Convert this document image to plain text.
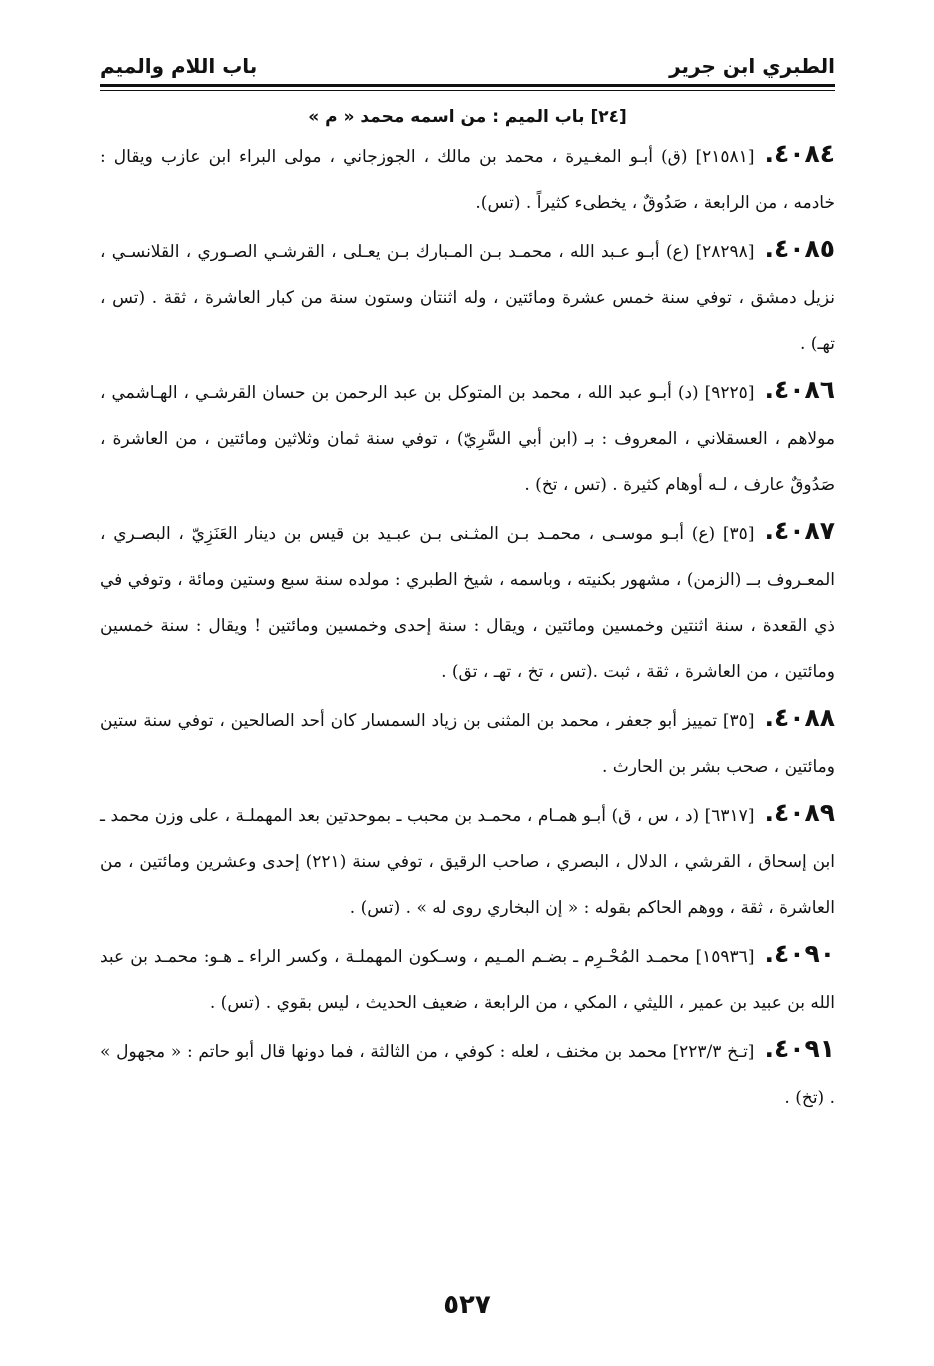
الطبري ابن جرير
باب اللام والميم
[٢٤] باب الميم : من اسمه محمد « م »
٤٠٨٤.[٢١٥٨١] (ق) أبـو المغـيرة ، محمد بن مالك ، الجوزجاني ، مولى البراء ابن عازب ويقال : خادمه ، من الرابعة ، صَدُوقٌ ، يخطىء كثيراً . (تس).
٤٠٨٥.[٢٨٢٩٨] (ع) أبـو عـبد الله ، محمـد بـن المـبارك بـن يعـلى ، القرشـي الصـوري ، القلانسـي ، نزيل دمشق ، توفي سنة خمس عشرة ومائتين ، وله اثنتان وستون سنة من كبار العاشرة ، ثقة . (تس ، تهـ) .
٤٠٨٦.[٩٢٢٥] (د) أبـو عبد الله ، محمد بن المتوكل بن عبد الرحمن بن حسان القرشـي ، الهـاشمي ، مولاهم ، العسقلاني ، المعروف : بـ (ابن أبي السَّرِيّ) ، توفي سنة ثمان وثلاثين ومائتين ، من العاشرة ، صَدُوقٌ عارف ، لـه أوهام كثيرة . (تس ، تخ) .
٤٠٨٧.[٣٥] (ع) أبـو موسـى ، محمـد بـن المثـنى بـن عبـيد بن قيس بن دينار العَنَزِيّ ، البصـري ، المعـروف بــ (الزمن) ، مشهور بكنيته ، وباسمه ، شيخ الطبري : مولده سنة سبع وستين ومائة ، وتوفي في ذي القعدة ، سنة اثنتين وخمسين ومائتين ، ويقال : سنة إحدى وخمسين ومائتين ! ويقال : سنة خمسين ومائتين ، من العاشرة ، ثقة ، ثبت .(تس ، تخ ، تهـ ، تق) .
٤٠٨٨.[٣٥] تمييز أبو جعفر ، محمد بن المثنى بن زياد السمسار كان أحد الصالحين ، توفي سنة ستين ومائتين ، صحب بشر بن الحارث .
٤٠٨٩.[٦٣١٧] (د ، س ، ق) أبـو همـام ، محمـد بن محبب ـ بموحدتين بعد المهملـة ، على وزن محمد ـ ابن إسحاق ، القرشي ، الدلال ، البصري ، صاحب الرقيق ، توفي سنة (٢٢١) إحدى وعشرين ومائتين ، من العاشرة ، ثقة ، ووهم الحاكم بقوله : « إن البخاري روى له » . (تس) .
٤٠٩٠.[١٥٩٣٦] محمـد المُحْـرِم ـ بضـم المـيم ، وسـكون المهملـة ، وكسر الراء ـ هـو: محمـد بن عبد الله بن عبيد بن عمير ، الليثي ، المكي ، من الرابعة ، ضعيف الحديث ، ليس بقوي . (تس) .
٤٠٩١.[تـخ ٢٢٣/٣] محمد بن مخنف ، لعله : كوفي ، من الثالثة ، فما دونها قال أبو حاتم : « مجهول » . (تخ) .
٥٢٧
